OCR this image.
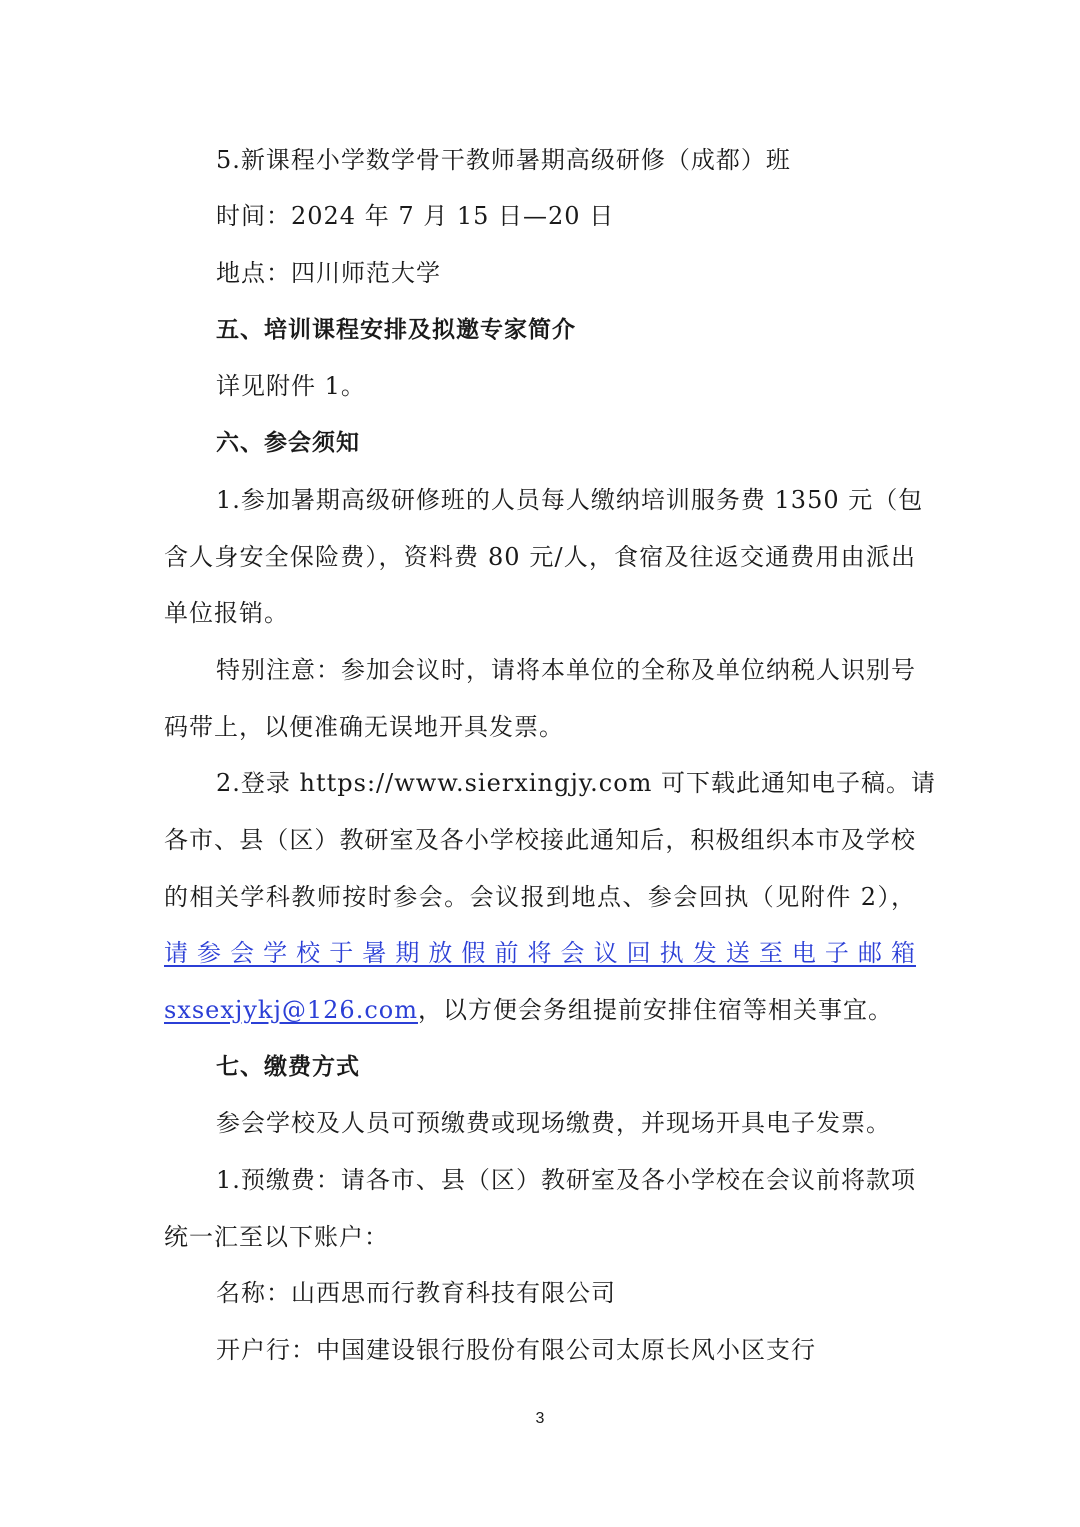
5.新课程小学数学骨干教师暑期高级研修（成都）班
时间：2024 年 7 月 15 日—20 日
地点：四川师范大学
五、培训课程安排及拟邀专家简介
详见附件 1。
六、参会须知
1.参加暑期高级研修班的人员每人缴纳培训服务费 1350 元（包
含人身安全保险费），资料费 80 元/人，食宿及往返交通费用由派出
单位报销。
特别注意：参加会议时，请将本单位的全称及单位纳税人识别号
码带上，以便准确无误地开具发票。
2.登录 https://www.sierxingjy.com 可下载此通知电子稿。请
各市、县（区）教研室及各小学校接此通知后，积极组织本市及学校
的相关学科教师按时参会。会议报到地点、参会回执（见附件 2），
请参会学校于暑期放假前将会议回执发送至电子邮箱
sxsexjykj@126.com，以方便会务组提前安排住宿等相关事宜。
七、缴费方式
参会学校及人员可预缴费或现场缴费，并现场开具电子发票。
1.预缴费：请各市、县（区）教研室及各小学校在会议前将款项
统一汇至以下账户：
名称：山西思而行教育科技有限公司
开户行：中国建设银行股份有限公司太原长风小区支行
3
